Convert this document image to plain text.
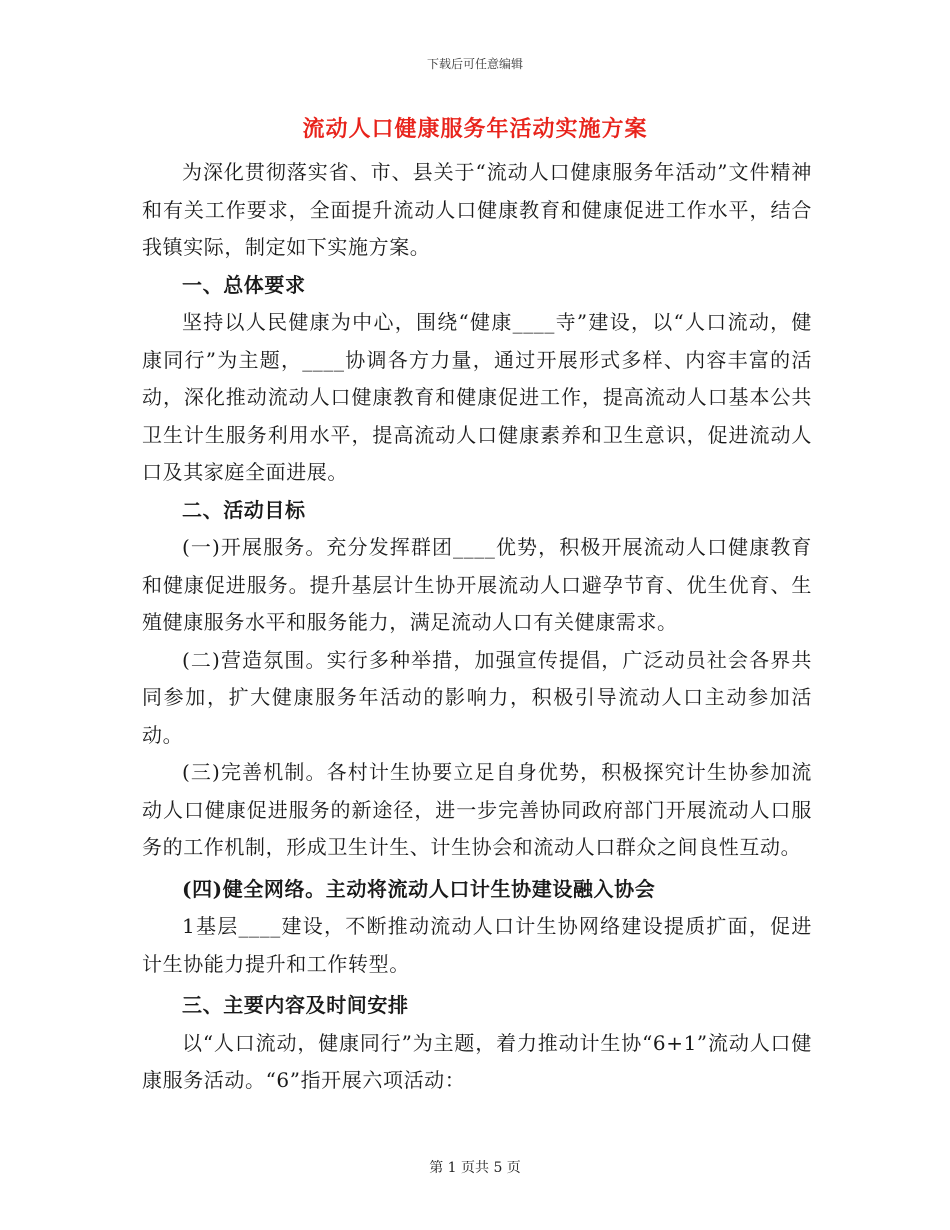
下载后可任意编辑
流动人口健康服务年活动实施方案

为深化贯彻落实省、市、县关于“流动人口健康服务年活动”文件精神和有关工作要求，全面提升流动人口健康教育和健康促进工作水平，结合我镇实际，制定如下实施方案。

一、总体要求

坚持以人民健康为中心，围绕“健康____寺”建设，以“人口流动，健康同行”为主题，____协调各方力量，通过开展形式多样、内容丰富的活动，深化推动流动人口健康教育和健康促进工作，提高流动人口基本公共卫生计生服务利用水平，提高流动人口健康素养和卫生意识，促进流动人口及其家庭全面进展。

二、活动目标

(一)开展服务。充分发挥群团____优势，积极开展流动人口健康教育和健康促进服务。提升基层计生协开展流动人口避孕节育、优生优育、生殖健康服务水平和服务能力，满足流动人口有关健康需求。

(二)营造氛围。实行多种举措，加强宣传提倡，广泛动员社会各界共同参加，扩大健康服务年活动的影响力，积极引导流动人口主动参加活动。

(三)完善机制。各村计生协要立足自身优势，积极探究计生协参加流动人口健康促进服务的新途径，进一步完善协同政府部门开展流动人口服务的工作机制，形成卫生计生、计生协会和流动人口群众之间良性互动。

(四)健全网络。主动将流动人口计生协建设融入协会

1基层____建设，不断推动流动人口计生协网络建设提质扩面，促进计生协能力提升和工作转型。

三、主要内容及时间安排

以“人口流动，健康同行”为主题，着力推动计生协“6+1”流动人口健康服务活动。“6”指开展六项活动：

第 1 页共 5 页
